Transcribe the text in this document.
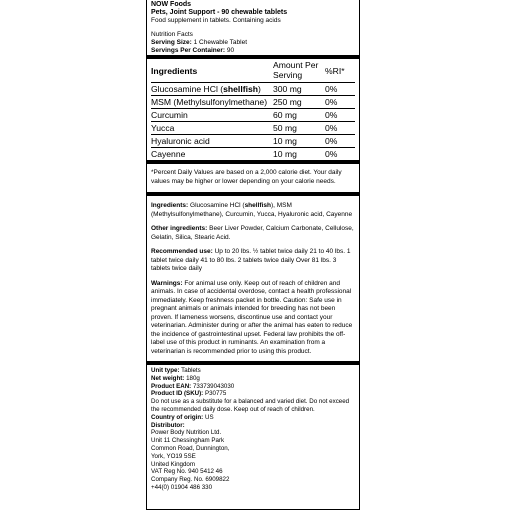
NOW Foods
Pets, Joint Support - 90 chewable tablets
Food supplement in tablets. Containing acids
Nutrition Facts
Serving Size: 1 Chewable Tablet
Servings Per Container: 90
Ingredients	Amount Per Serving	%RI*
Glucosamine HCl (shellfish)	300 mg	0%
MSM (Methylsulfonylmethane)	250 mg	0%
Curcumin	60 mg	0%
Yucca	50 mg	0%
Hyaluronic acid	10 mg	0%
Cayenne	10 mg	0%
*Percent Daily Values are based on a 2,000 calorie diet. Your daily values may be higher or lower depending on your calorie needs.

Ingredients: Glucosamine HCl (shellfish), MSM (Methylsulfonylmethane), Curcumin, Yucca, Hyaluronic acid, Cayenne

Other ingredients: Beer Liver Powder, Calcium Carbonate, Cellulose, Gelatin, Silica, Stearic Acid.

Recommended use: Up to 20 lbs. ½ tablet twice daily 21 to 40 lbs. 1 tablet twice daily 41 to 80 lbs. 2 tablets twice daily Over 81 lbs. 3 tablets twice daily

Warnings: For animal use only. Keep out of reach of children and animals. In case of accidental overdose, contact a health professional immediately. Keep freshness packet in bottle. Caution: Safe use in pregnant animals or animals intended for breeding has not been proven. If lameness worsens, discontinue use and contact your veterinarian. Administer during or after the animal has eaten to reduce the incidence of gastrointestinal upset. Federal law prohibits the off-label use of this product in ruminants. An examination from a veterinarian is recommended prior to using this product.

Unit type: Tablets
Net weight: 180g
Product EAN: 733739043030
Product ID (SKU): P30775
Do not use as a substitute for a balanced and varied diet. Do not exceed the recommended daily dose. Keep out of reach of children.
Country of origin: US
Distributor:
Power Body Nutrition Ltd.
Unit 11 Chessingham Park
Common Road, Dunnington,
York, YO19 5SE
United Kingdom
VAT Reg No. 940 5412 46
Company Reg. No. 6909822
+44(0) 01904 486 330
